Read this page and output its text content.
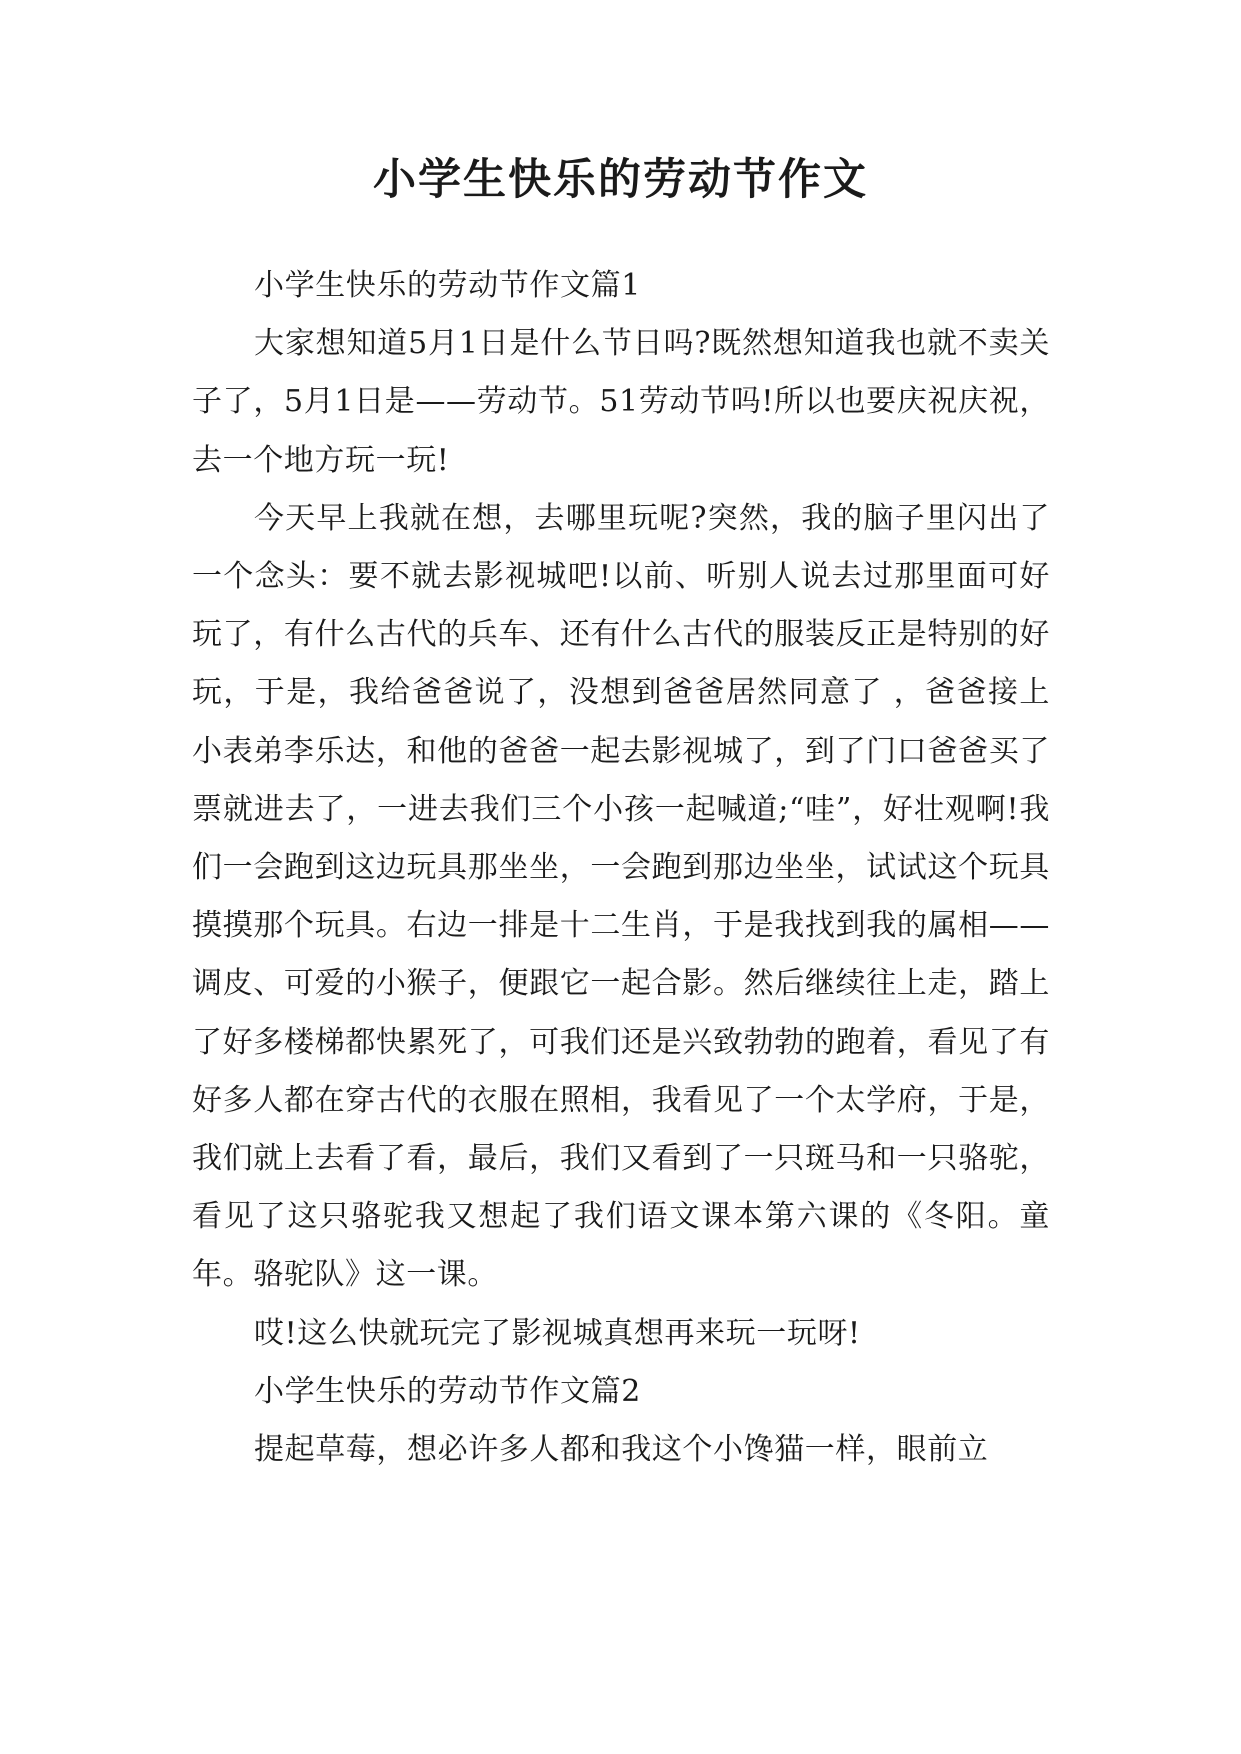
小学生快乐的劳动节作文

小学生快乐的劳动节作文篇1

大家想知道5月1日是什么节日吗?既然想知道我也就不卖关子了，5月1日是——劳动节。51劳动节吗!所以也要庆祝庆祝，去一个地方玩一玩!

今天早上我就在想，去哪里玩呢?突然，我的脑子里闪出了一个念头：要不就去影视城吧!以前、听别人说去过那里面可好玩了，有什么古代的兵车、还有什么古代的服装反正是特别的好玩，于是，我给爸爸说了，没想到爸爸居然同意了 ，爸爸接上小表弟李乐达，和他的爸爸一起去影视城了，到了门口爸爸买了票就进去了，一进去我们三个小孩一起喊道;“哇”，好壮观啊!我们一会跑到这边玩具那坐坐，一会跑到那边坐坐，试试这个玩具摸摸那个玩具。右边一排是十二生肖，于是我找到我的属相——调皮、可爱的小猴子，便跟它一起合影。然后继续往上走，踏上了好多楼梯都快累死了，可我们还是兴致勃勃的跑着，看见了有好多人都在穿古代的衣服在照相，我看见了一个太学府，于是，我们就上去看了看，最后，我们又看到了一只斑马和一只骆驼，看见了这只骆驼我又想起了我们语文课本第六课的《冬阳。童年。骆驼队》这一课。

哎!这么快就玩完了影视城真想再来玩一玩呀!

小学生快乐的劳动节作文篇2

提起草莓，想必许多人都和我这个小馋猫一样，眼前立
